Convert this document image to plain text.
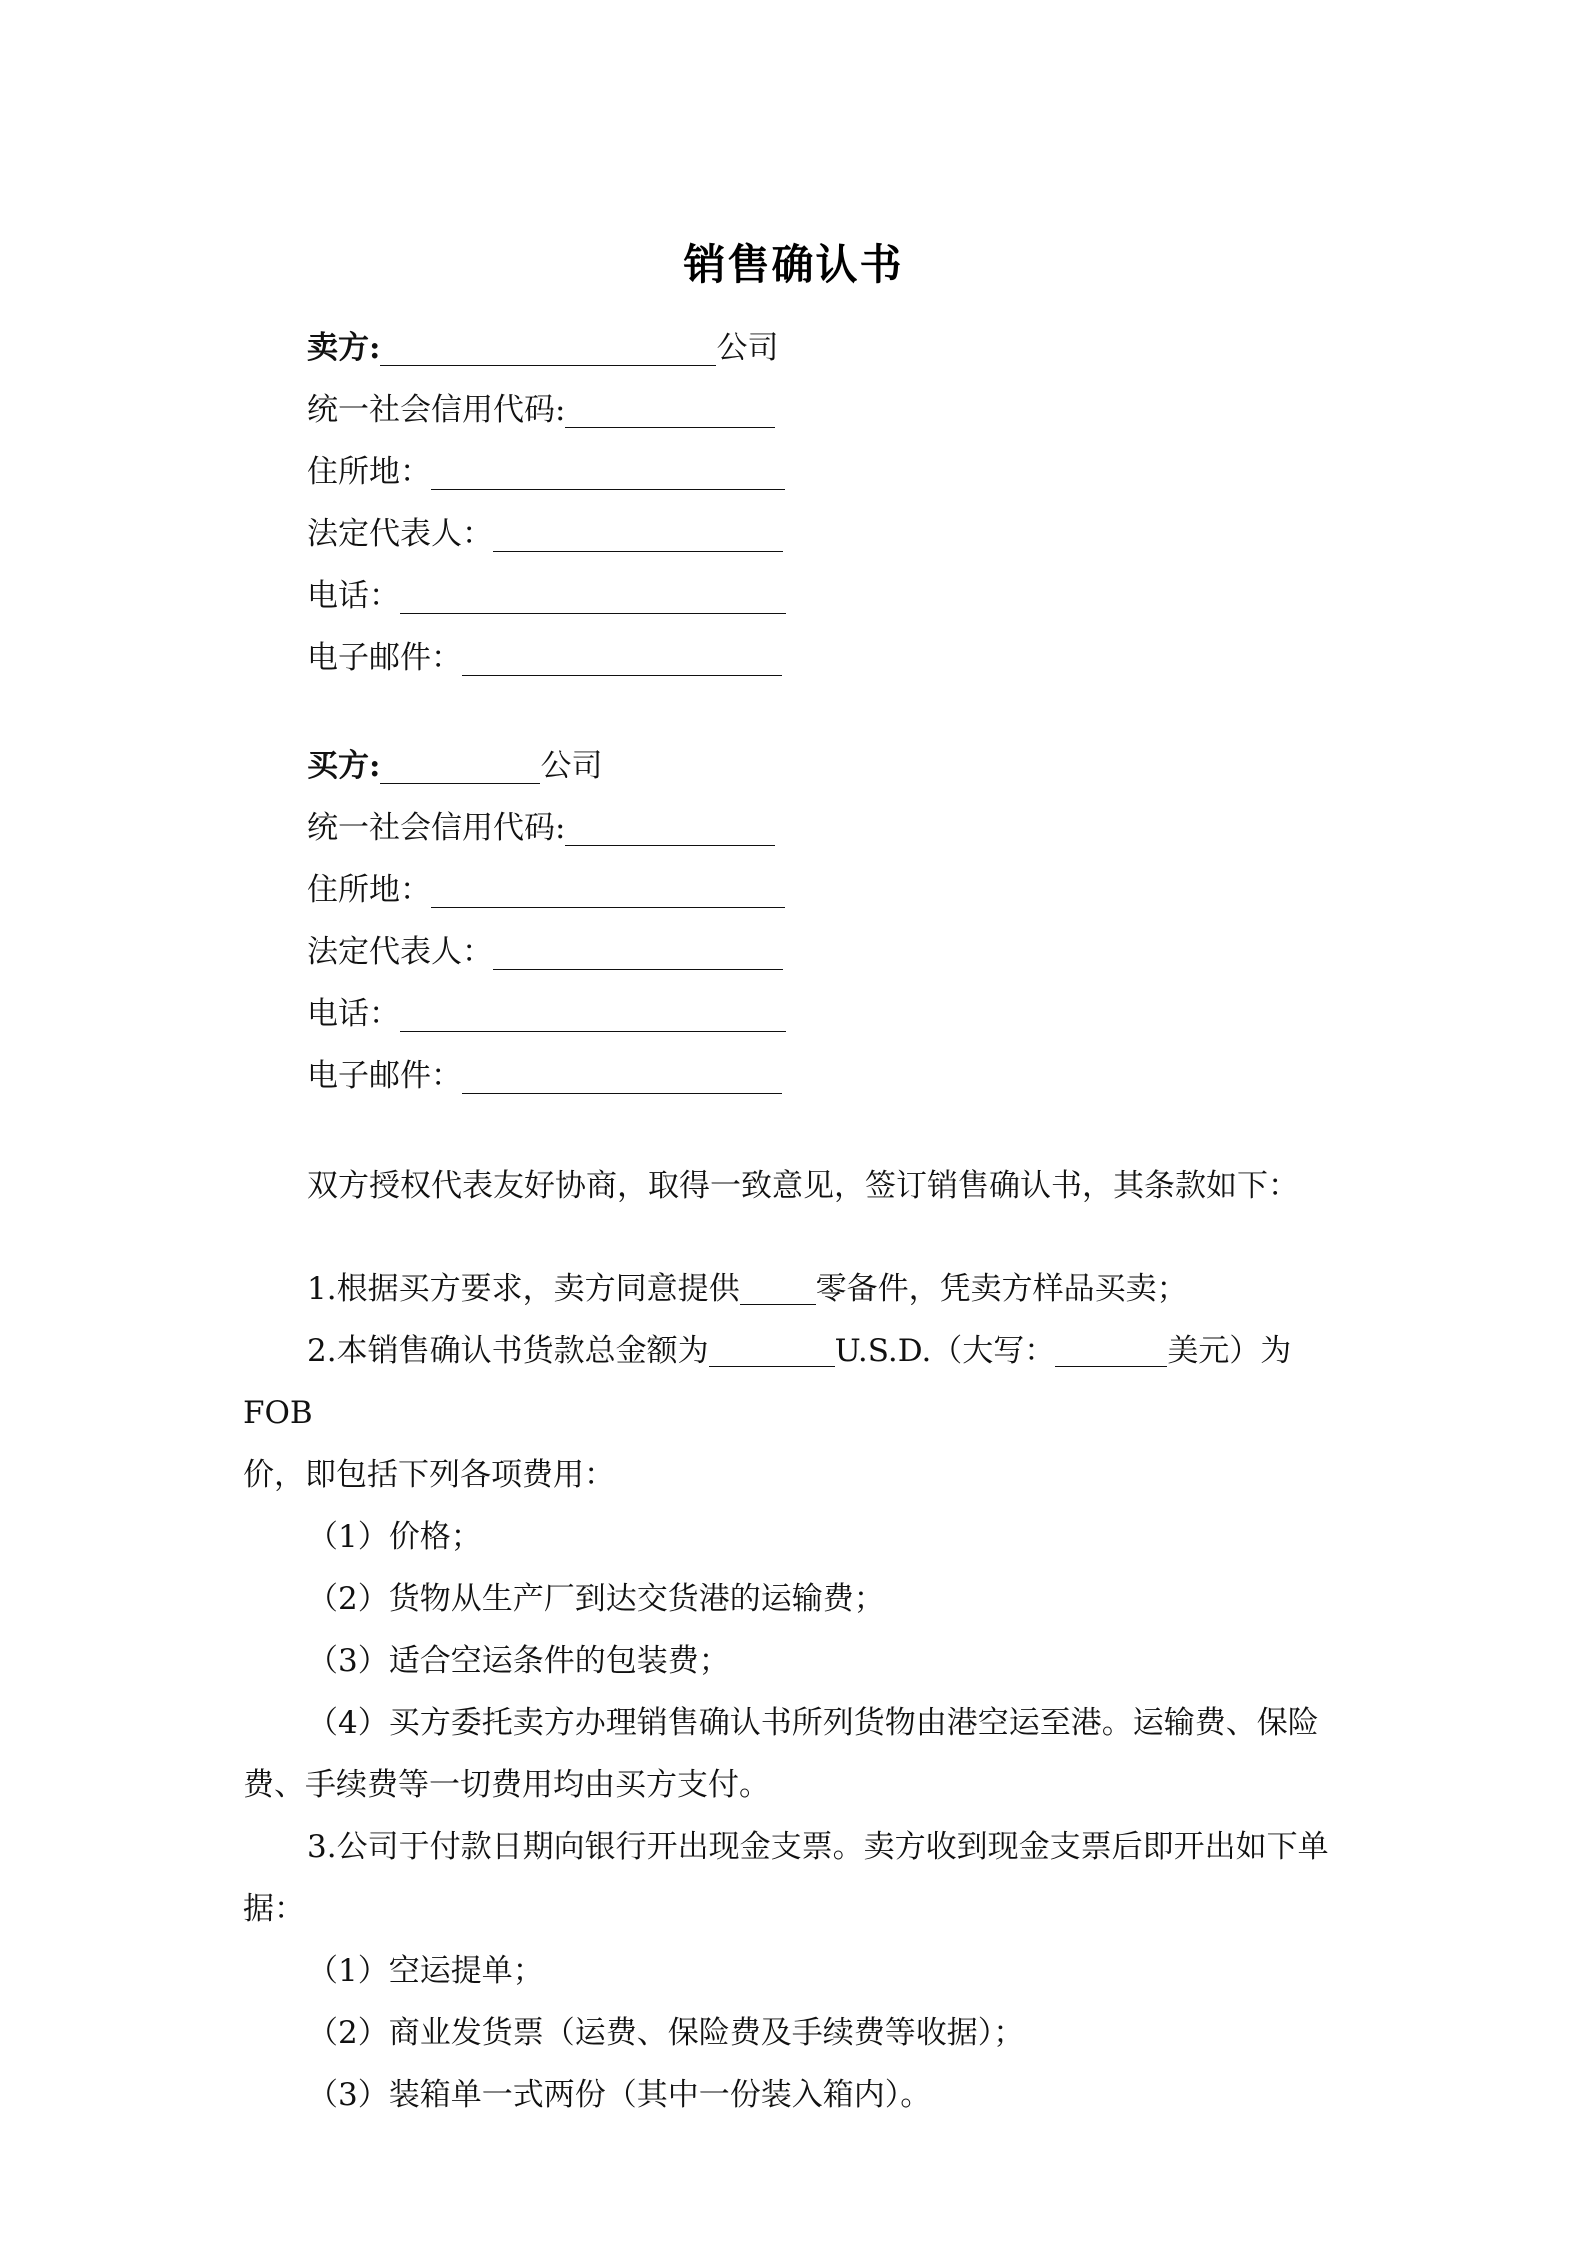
销售确认书
卖方:	公司
统一社会信用代码:
住所地：
法定代表人：
电话：
电子邮件：
买方:	公司
统一社会信用代码:
住所地：
法定代表人：
电话：
电子邮件：

双方授权代表友好协商，取得一致意见，签订销售确认书，其条款如下：

1.根据买方要求，卖方同意提供 零备件，凭卖方样品买卖；

2.本销售确认书货款总金额为	U.S.D.（大写：	美元）为FOB

价，即包括下列各项费用：

（1）价格；

（2）货物从生产厂到达交货港的运输费；

（3）适合空运条件的包装费；

（4）买方委托卖方办理销售确认书所列货物由港空运至港。运输费、保险

费、手续费等一切费用均由买方支付。

3.公司于付款日期向银行开出现金支票。卖方收到现金支票后即开出如下单

据：

（1）空运提单；

（2）商业发货票（运费、保险费及手续费等收据）；

（3）装箱单一式两份（其中一份装入箱内）。
